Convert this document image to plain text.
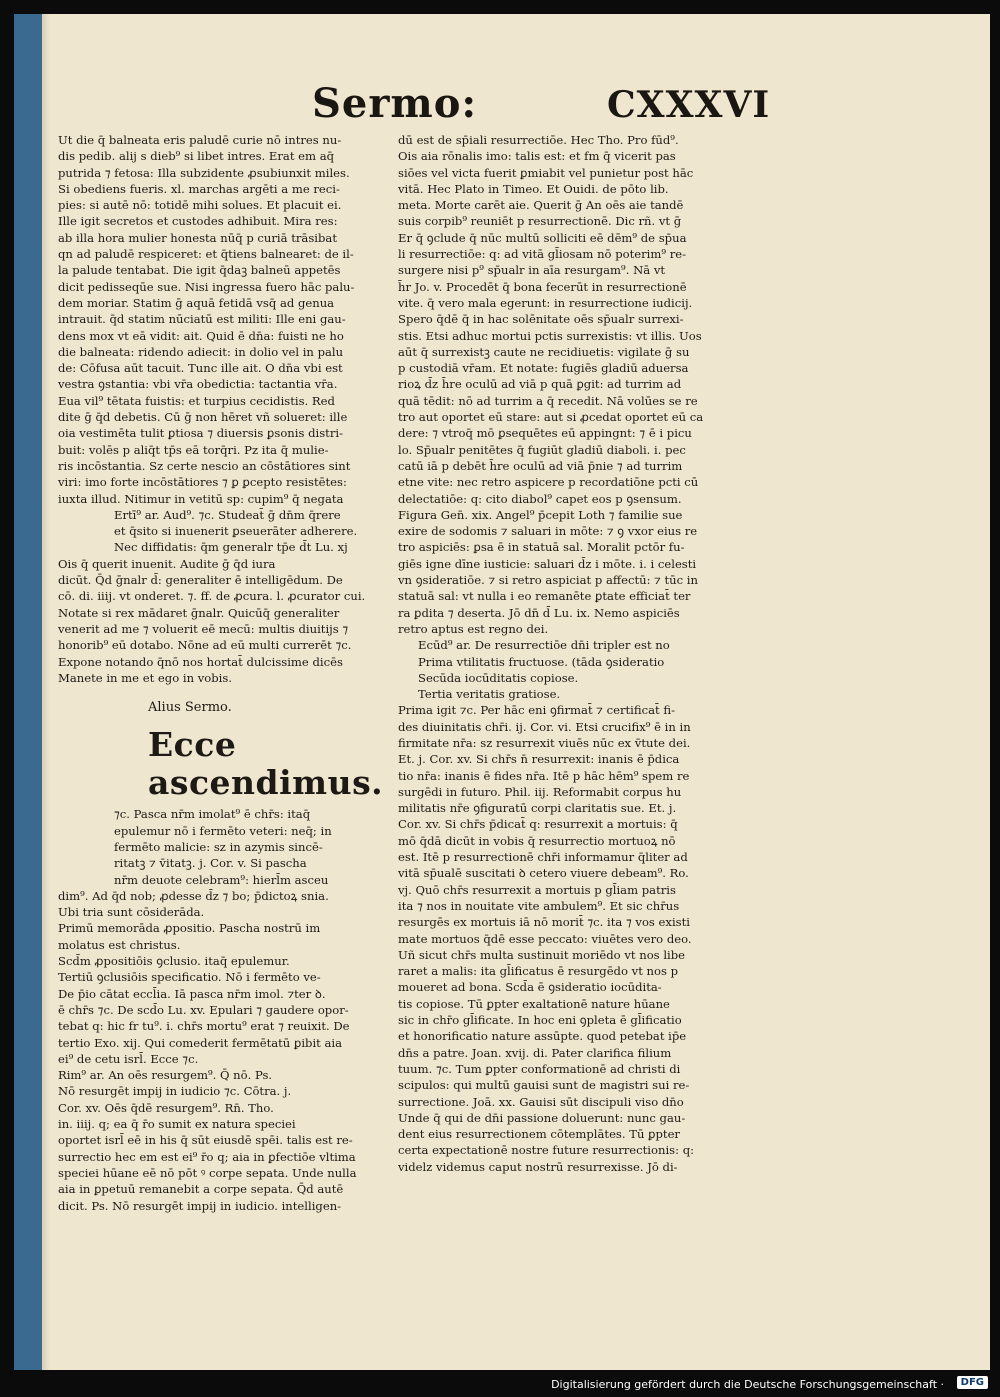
Sermo:	CXXXVI
Ut die q̄ balneata eris paludē curie nō intres nu-
dis pedib. alij s dieb⁹ si libet intres. Erat em aq̄
putrida ⁊ fetosa: Illa subzidente ꝓsubiunxit miles.
Si obediens fueris. xl. marchas argēti a me reci-
pies: si autē nō: totidē mihi solues. Et placuit ei.
Ille igit secretos et custodes adhibuit. Mira res:
ab illa hora mulier honesta nūq̄ p curiā trāsibat
qn ad paludē respiceret: et q̄tiens balnearet: de il-
la palude tentabat. Die igit q̄daꝫ balneū appetēs
dicit pedisseqūe sue. Nisi ingressa fuero hāc palu-
dem moriar. Statim ḡ aquā fetidā vsq̄ ad genua
intrauit. q̄d statim nūciatū est militi: Ille eni gau-
dens mox vt eā vidit: ait. Quid ē dn̄a: fuisti ne ho
die balneata: ridendo adiecit: in dolio vel in palu
de: Cōfusa aūt tacuit. Tunc ille ait. O dn̄a vbi est
vestra ꝯstantia: vbi vr̄a obedictia: tactantia vr̄a.
Eua vil⁹ tētata fuistis: et turpius cecidistis. Red
dite ḡ q̄d debetis. Cū ḡ non hēret vñ solueret: ille
oia vestimēta tulit ꝑtiosa ⁊ diuersis ꝑsonis distri-
buit: volēs p aliq̄t tp̄s eā torq̄ri. Pz ita q̄ mulie-
ris incōstantia. Sz certe nescio an cōstātiores sint
viri: imo forte incōstātiores ⁊ ꝑ ꝑcepto resistētes:
iuxta illud. Nitimur in vetitū sp: cupim⁹ q̄ negata
Ertī⁹ ar. Aud⁹. ⁊c. Studeat̄ ḡ dn̄m q̄rere
et q̄sito si inuenerit ꝑseuerāter adherere.
Nec diffidatis: q̄m generalr tp̄e d̄t Lu. xj
Ois q̄ querit inuenit. Audite ḡ q̄d iura
dicūt. Q̄d ḡnalr d̄: generaliter ē intelligēdum. De
cō. di. iiij. vt onderet. ⁊. ff. de ꝓcura. l. ꝓcurator cui.
Notate si rex mādaret ḡnalr. Quicūq̄ generaliter
venerit ad me ⁊ voluerit eē mecū: multis diuitijs ⁊
honorib⁹ eū dotabo. Nōne ad eū multi currerēt ⁊c.
Expone notando q̄nō nos hortat̄ dulcissime dicēs
Manete in me et ego in vobis.
Alius Sermo.
Ecce ascendimus.
⁊c. Pasca nr̄m imolat⁹ ē chr̄s: itaq̄
epulemur nō i fermēto veteri: neq̄; in
fermēto malicie: sz in azymis sincē-
ritatꝫ ⁊ v̄itatꝫ. j. Cor. v. Si pascha
nr̄m deuote celebram⁹: hierl̄m asceu
dim⁹. Ad q̄d nob; ꝓdesse d̄z ⁊ bo; p̄dictoꝝ snia.
Ubi tria sunt cōsiderāda.
Primū memorāda ꝓpositio. Pascha nostrū im
molatus est christus.
Scd̄m ꝓpositiōis ꝯclusio. itaq̄ epulemur.
Tertiū ꝯclusiōis specificatio. Nō i fermēto ve-
De p̄io cātat eccl̄ia. Iā pasca nr̄m imol. ⁊ter ꝺ.
ē chr̄s ⁊c. De scd̄o Lu. xv. Epulari ⁊ gaudere opor-
tebat q: hic fr tu⁹. i. chr̄s mortu⁹ erat ⁊ reuixit. De
tertio Exo. xij. Qui comederit fermētatū ꝑibit aia
ei⁹ de cetu isrl̄. Ecce ⁊c.
Rim⁹ ar. An oēs resurgem⁹. Q̄ nō. Ps.
Nō resurgēt impij in iudicio ⁊c. Cōtra. j.
Cor. xv. Oēs q̄dē resurgem⁹. Rn̄. Tho.
in. iiij. q; ea q̄ r̄o sumit ex natura speciei
oportet isrl̄ eē in his q̄ sūt eiusdē spēi. talis est re-
surrectio hec em est ei⁹ r̄o q; aia in ꝑfectiōe vltima
speciei hūane eē nō pōt ꝰ corpe sepata. Unde nulla
aia in ꝑpetuū remanebit a corpe sepata. Q̄d autē
dicit. Ps. Nō resurgēt impij in iudicio. intelligen-
dū est de sp̄iali resurrectiōe. Hec Tho. Pro fūd⁹.
Ois aia rōnalis imo: talis est: et fm q̄ vicerit pas
siōes vel victa fuerit ꝑmiabit vel punietur post hāc
vitā. Hec Plato in Timeo. Et Ouidi. de pōto lib.
meta. Morte carēt aie. Querit ḡ An oēs aie tandē
suis corpib⁹ reuniēt p resurrectionē. Dic rñ. vt ḡ
Er q̄ ꝯclude q̄ nūc multū solliciti eē dēm⁹ de sp̄ua
li resurrectiōe: q: ad vitā gl̄iosam nō poterim⁹ re-
surgere nisi p⁹ sp̄ualr in aīa resurgam⁹. Nā vt
h̄r Jo. v. Procedēt q̄ bona fecerūt in resurrectionē
vite. q̄ vero mala egerunt: in resurrectione iudicij.
Spero q̄dē q̄ in hac solēnitate oēs sp̄ualr surrexi-
stis. Etsi adhuc mortui pctis surrexistis: vt illis. Uos
aūt q̄ surrexistꝫ caute ne recidiuetis: vigilate ḡ su
p custodiā vr̄am. Et notate: fugiēs gladiū aduersa
rioꝝ d̄z h̄re oculū ad viā p quā ꝑgit: ad turrim ad
quā tēdit: nō ad turrim a q̄ recedit. Nā volūes se re
tro aut oportet eū stare: aut si ꝓcedat oportet eū ca
dere: ⁊ vtroq̄ mō ꝑsequētes eū appingnt: ⁊ ē i picu
lo. Sp̄ualr penitētes q̄ fugiūt gladiū diaboli. i. pec
catū iā p debēt h̄re oculū ad viā p̄nie ⁊ ad turrim
etne vite: nec retro aspicere p recordatiōne pcti cū
delectatiōe: q: cito diabol⁹ capet eos p ꝯsensum.
Figura Gen̄. xix. Angel⁹ p̄cepit Loth ⁊ familie sue
exire de sodomis ⁊ saluari in mōte: ⁊ ꝯ vxor eius re
tro aspiciēs: ꝑsa ē in statuā sal. Moralit pctōr fu-
giēs igne dīne iusticie: saluari d̄z i mōte. i. i celesti
vn ꝯsideratiōe. ⁊ si retro aspiciat p affectū: ⁊ tūc in
statuā sal: vt nulla i eo remanēte ꝑtate efficiat̄ ter
ra ꝑdita ⁊ deserta. Jō dn̄ d̄ Lu. ix. Nemo aspiciēs
retro aptus est regno dei.
Ecūd⁹ ar. De resurrectiōe dn̄i tripler est no
Prima vtilitatis fructuose. (tāda ꝯsideratio
Secūda iocūditatis copiose.
Tertia veritatis gratiose.
Prima igit ⁊c. Per hāc eni ꝯfirmat̄ ⁊ certificat̄ fi-
des diuinitatis chr̄i. ij. Cor. vi. Etsi crucifix⁹ ē in in
firmitate nr̄a: sz resurrexit viuēs nūc ex v̄tute dei.
Et. j. Cor. xv. Si chr̄s n̄ resurrexit: inanis ē p̄dica
tio nr̄a: inanis ē fides nr̄a. Itē p hāc hēm⁹ spem re
surgēdi in futuro. Phil. iij. Reformabit corpus hu
militatis nr̄e ꝯfiguratū corpi claritatis sue. Et. j.
Cor. xv. Si chr̄s p̄dicat̄ q: resurrexit a mortuis: q̄
mō q̄dā dicūt in vobis q̄ resurrectio mortuoꝝ nō
est. Itē p resurrectionē chr̄i informamur q̄liter ad
vitā sp̄ualē suscitati ꝺ cetero viuere debeam⁹. Ro.
vj. Quō chr̄s resurrexit a mortuis p gl̄iam patris
ita ⁊ nos in nouitate vite ambulem⁹. Et sic chr̄us
resurgēs ex mortuis iā nō morit̄ ⁊c. ita ⁊ vos existi
mate mortuos q̄dē esse peccato: viuētes vero deo.
Uñ sicut chr̄s multa sustinuit moriēdo vt nos libe
raret a malis: ita gl̄ificatus ē resurgēdo vt nos p
moueret ad bona. Scd̄a ē ꝯsideratio iocūdita-
tis copiose. Tū ꝑpter exaltationē nature hūane
sic in chr̄o gl̄ificate. In hoc eni ꝯpleta ē gl̄ificatio
et honorificatio nature assūpte. quod petebat ip̄e
dn̄s a patre. Joan. xvij. di. Pater clarifica filium
tuum. ⁊c. Tum ꝑpter conformationē ad christi di
scipulos: qui multū gauisi sunt de magistri sui re-
surrectione. Joā. xx. Gauisi sūt discipuli viso dn̄o
Unde q̄ qui de dn̄i passione doluerunt: nunc gau-
dent eius resurrectionem cōtemplātes. Tū ꝑpter
certa expectationē nostre future resurrectionis: q:
videlz videmus caput nostrū resurrexisse. Jō di-
Digitalisierung gefördert durch die Deutsche Forschungsgemeinschaft ·	DFG
